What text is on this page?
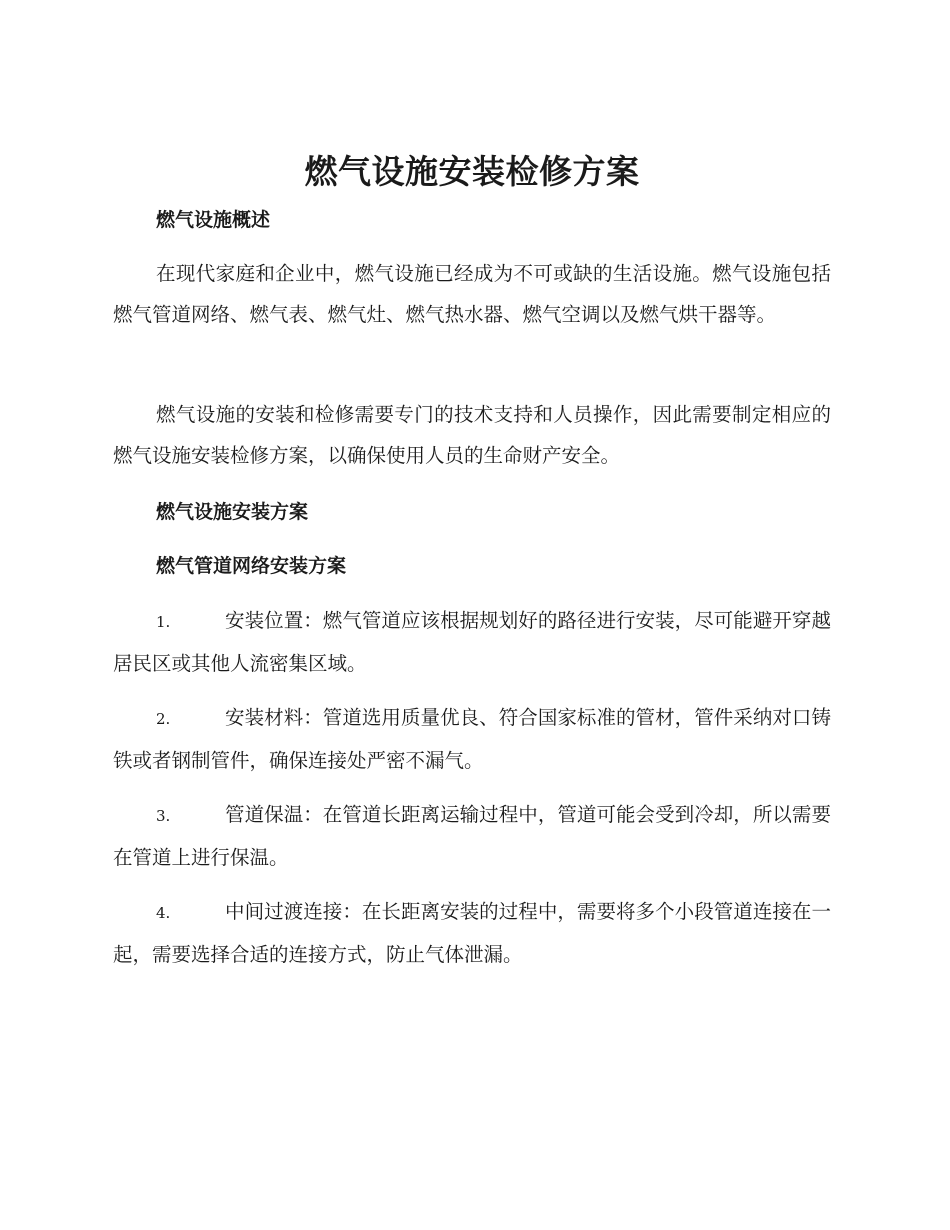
燃气设施安装检修方案
燃气设施概述

在现代家庭和企业中，燃气设施已经成为不可或缺的生活设施。燃气设施包括燃气管道网络、燃气表、燃气灶、燃气热水器、燃气空调以及燃气烘干器等。

燃气设施的安装和检修需要专门的技术支持和人员操作，因此需要制定相应的燃气设施安装检修方案，以确保使用人员的生命财产安全。

燃气设施安装方案
燃气管道网络安装方案

1.	安装位置：燃气管道应该根据规划好的路径进行安装，尽可能避开穿越居民区或其他人流密集区域。

2.	安装材料：管道选用质量优良、符合国家标准的管材，管件采纳对口铸铁或者钢制管件，确保连接处严密不漏气。

3.	管道保温：在管道长距离运输过程中，管道可能会受到冷却，所以需要在管道上进行保温。

4.	中间过渡连接：在长距离安装的过程中，需要将多个小段管道连接在一起，需要选择合适的连接方式，防止气体泄漏。
